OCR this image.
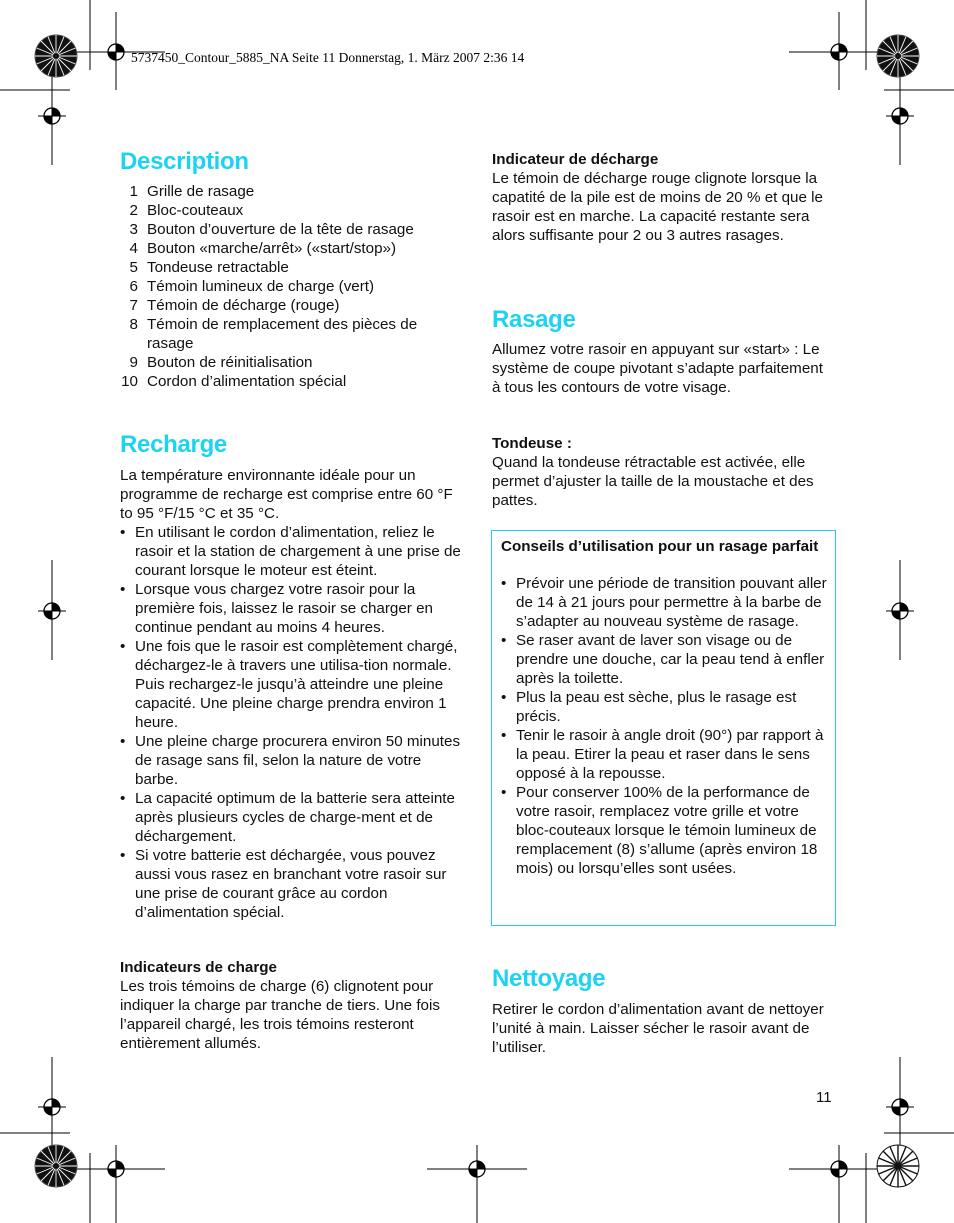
5737450_Contour_5885_NA Seite 11 Donnerstag, 1. März 2007 2:36 14
Description
1 Grille de rasage
2 Bloc-couteaux
3 Bouton d’ouverture de la tête de rasage
4 Bouton «marche/arrêt» («start/stop»)
5 Tondeuse retractable
6 Témoin lumineux de charge (vert)
7 Témoin de décharge (rouge)
8 Témoin de remplacement des pièces de rasage
9 Bouton de réinitialisation
10 Cordon d’alimentation spécial
Recharge

La température environnante idéale pour un programme de recharge est comprise entre 60 °F to 95 °F/15 °C et 35 °C.

• En utilisant le cordon d’alimentation, reliez le rasoir et la station de chargement à une prise de courant lorsque le moteur est éteint.
• Lorsque vous chargez votre rasoir pour la première fois, laissez le rasoir se charger en continue pendant au moins 4 heures.
• Une fois que le rasoir est complètement chargé, déchargez-le à travers une utilisa-tion normale. Puis rechargez-le jusqu’à atteindre une pleine capacité. Une pleine charge prendra environ 1 heure.
• Une pleine charge procurera environ 50 minutes de rasage sans fil, selon la nature de votre barbe.
• La capacité optimum de la batterie sera atteinte après plusieurs cycles de charge-ment et de déchargement.
• Si votre batterie est déchargée, vous pouvez aussi vous rasez en branchant votre rasoir sur une prise de courant grâce au cordon d’alimentation spécial.

Indicateurs de charge

Les trois témoins de charge (6) clignotent pour indiquer la charge par tranche de tiers. Une fois l’appareil chargé, les trois témoins resteront entièrement allumés.

Indicateur de décharge

Le témoin de décharge rouge clignote lorsque la capatité de la pile est de moins de 20 % et que le rasoir est en marche. La capacité restante sera alors suffisante pour 2 ou 3 autres rasages.

Rasage

Allumez votre rasoir en appuyant sur «start» : Le système de coupe pivotant s’adapte parfaitement à tous les contours de votre visage.

Tondeuse :

Quand la tondeuse rétractable est activée, elle permet d’ajuster la taille de la moustache et des pattes.

Conseils d’utilisation pour un rasage parfait

• Prévoir une période de transition pouvant aller de 14 à 21 jours pour permettre à la barbe de s’adapter au nouveau système de rasage.
• Se raser avant de laver son visage ou de prendre une douche, car la peau tend à enfler après la toilette.
• Plus la peau est sèche, plus le rasage est précis.
• Tenir le rasoir à angle droit (90°) par rapport à la peau. Etirer la peau et raser dans le sens opposé à la repousse.
• Pour conserver 100% de la performance de votre rasoir, remplacez votre grille et votre bloc-couteaux lorsque le témoin lumineux de remplacement (8) s’allume (après environ 18 mois) ou lorsqu’elles sont usées.
Nettoyage

Retirer le cordon d’alimentation avant de nettoyer l’unité à main. Laisser sécher le rasoir avant de l’utiliser.

11
